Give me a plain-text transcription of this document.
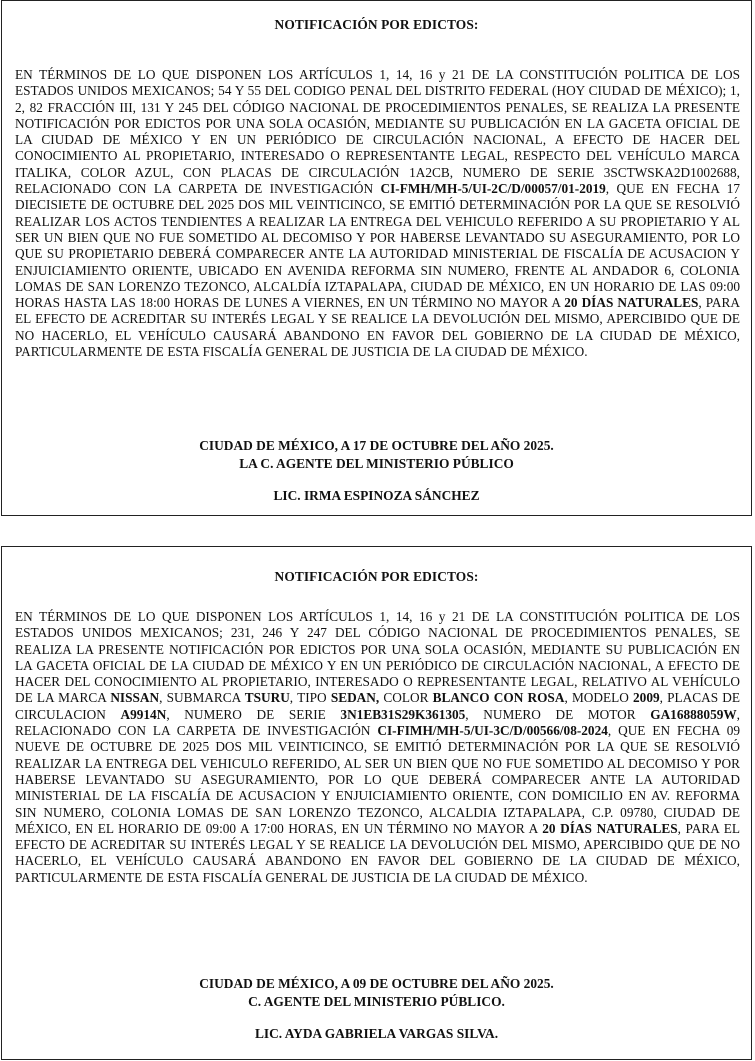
NOTIFICACIÓN POR EDICTOS:

EN TÉRMINOS DE LO QUE DISPONEN LOS ARTÍCULOS 1, 14, 16 y 21 DE LA CONSTITUCIÓN POLITICA DE LOS ESTADOS UNIDOS MEXICANOS; 54 Y 55 DEL CODIGO PENAL DEL DISTRITO FEDERAL (HOY CIUDAD DE MÉXICO); 1, 2, 82 FRACCIÓN III, 131 Y 245 DEL CÓDIGO NACIONAL DE PROCEDIMIENTOS PENALES, SE REALIZA LA PRESENTE NOTIFICACIÓN POR EDICTOS POR UNA SOLA OCASIÓN, MEDIANTE SU PUBLICACIÓN EN LA GACETA OFICIAL DE LA CIUDAD DE MÉXICO Y EN UN PERIÓDICO DE CIRCULACIÓN NACIONAL, A EFECTO DE HACER DEL CONOCIMIENTO AL PROPIETARIO, INTERESADO O REPRESENTANTE LEGAL, RESPECTO DEL VEHÍCULO MARCA ITALIKA, COLOR AZUL, CON PLACAS DE CIRCULACIÓN 1A2CB, NUMERO DE SERIE 3SCTWSKA2D1002688, RELACIONADO CON LA CARPETA DE INVESTIGACIÓN CI-FMH/MH-5/UI-2C/D/00057/01-2019, QUE EN FECHA 17 DIECISIETE DE OCTUBRE DEL 2025 DOS MIL VEINTICINCO, SE EMITIÓ DETERMINACIÓN POR LA QUE SE RESOLVIÓ REALIZAR LOS ACTOS TENDIENTES A REALIZAR LA ENTREGA DEL VEHICULO REFERIDO A SU PROPIETARIO Y AL SER UN BIEN QUE NO FUE SOMETIDO AL DECOMISO Y POR HABERSE LEVANTADO SU ASEGURAMIENTO, POR LO QUE SU PROPIETARIO DEBERÁ COMPARECER ANTE LA AUTORIDAD MINISTERIAL DE FISCALÍA DE ACUSACION Y ENJUICIAMIENTO ORIENTE, UBICADO EN AVENIDA REFORMA SIN NUMERO, FRENTE AL ANDADOR 6, COLONIA LOMAS DE SAN LORENZO TEZONCO, ALCALDÍA IZTAPALAPA, CIUDAD DE MÉXICO, EN UN HORARIO DE LAS 09:00 HORAS HASTA LAS 18:00 HORAS DE LUNES A VIERNES, EN UN TÉRMINO NO MAYOR A 20 DÍAS NATURALES, PARA EL EFECTO DE ACREDITAR SU INTERÉS LEGAL Y SE REALICE LA DEVOLUCIÓN DEL MISMO, APERCIBIDO QUE DE NO HACERLO, EL VEHÍCULO CAUSARÁ ABANDONO EN FAVOR DEL GOBIERNO DE LA CIUDAD DE MÉXICO, PARTICULARMENTE DE ESTA FISCALÍA GENERAL DE JUSTICIA DE LA CIUDAD DE MÉXICO.

CIUDAD DE MÉXICO, A 17 DE OCTUBRE DEL AÑO 2025.
LA C. AGENTE DEL MINISTERIO PÚBLICO
LIC. IRMA ESPINOZA SÁNCHEZ
NOTIFICACIÓN POR EDICTOS:

EN TÉRMINOS DE LO QUE DISPONEN LOS ARTÍCULOS 1, 14, 16 y 21 DE LA CONSTITUCIÓN POLITICA DE LOS ESTADOS UNIDOS MEXICANOS; 231, 246 Y 247 DEL CÓDIGO NACIONAL DE PROCEDIMIENTOS PENALES, SE REALIZA LA PRESENTE NOTIFICACIÓN POR EDICTOS POR UNA SOLA OCASIÓN, MEDIANTE SU PUBLICACIÓN EN LA GACETA OFICIAL DE LA CIUDAD DE MÉXICO Y EN UN PERIÓDICO DE CIRCULACIÓN NACIONAL, A EFECTO DE HACER DEL CONOCIMIENTO AL PROPIETARIO, INTERESADO O REPRESENTANTE LEGAL, RELATIVO AL VEHÍCULO DE LA MARCA NISSAN, SUBMARCA TSURU, TIPO SEDAN, COLOR BLANCO CON ROSA, MODELO 2009, PLACAS DE CIRCULACION A9914N, NUMERO DE SERIE 3N1EB31S29K361305, NUMERO DE MOTOR GA16888059W, RELACIONADO CON LA CARPETA DE INVESTIGACIÓN CI-FIMH/MH-5/UI-3C/D/00566/08-2024, QUE EN FECHA 09 NUEVE DE OCTUBRE DE 2025 DOS MIL VEINTICINCO, SE EMITIÓ DETERMINACIÓN POR LA QUE SE RESOLVIÓ REALIZAR LA ENTREGA DEL VEHICULO REFERIDO, AL SER UN BIEN QUE NO FUE SOMETIDO AL DECOMISO Y POR HABERSE LEVANTADO SU ASEGURAMIENTO, POR LO QUE DEBERÁ COMPARECER ANTE LA AUTORIDAD MINISTERIAL DE LA FISCALÍA DE ACUSACION Y ENJUICIAMIENTO ORIENTE, CON DOMICILIO EN AV. REFORMA SIN NUMERO, COLONIA LOMAS DE SAN LORENZO TEZONCO, ALCALDIA IZTAPALAPA, C.P. 09780, CIUDAD DE MÉXICO, EN EL HORARIO DE 09:00 A 17:00 HORAS, EN UN TÉRMINO NO MAYOR A 20 DÍAS NATURALES, PARA EL EFECTO DE ACREDITAR SU INTERÉS LEGAL Y SE REALICE LA DEVOLUCIÓN DEL MISMO, APERCIBIDO QUE DE NO HACERLO, EL VEHÍCULO CAUSARÁ ABANDONO EN FAVOR DEL GOBIERNO DE LA CIUDAD DE MÉXICO, PARTICULARMENTE DE ESTA FISCALÍA GENERAL DE JUSTICIA DE LA CIUDAD DE MÉXICO.

CIUDAD DE MÉXICO, A 09 DE OCTUBRE DEL AÑO 2025.
C. AGENTE DEL MINISTERIO PÚBLICO.
LIC. AYDA GABRIELA VARGAS SILVA.
